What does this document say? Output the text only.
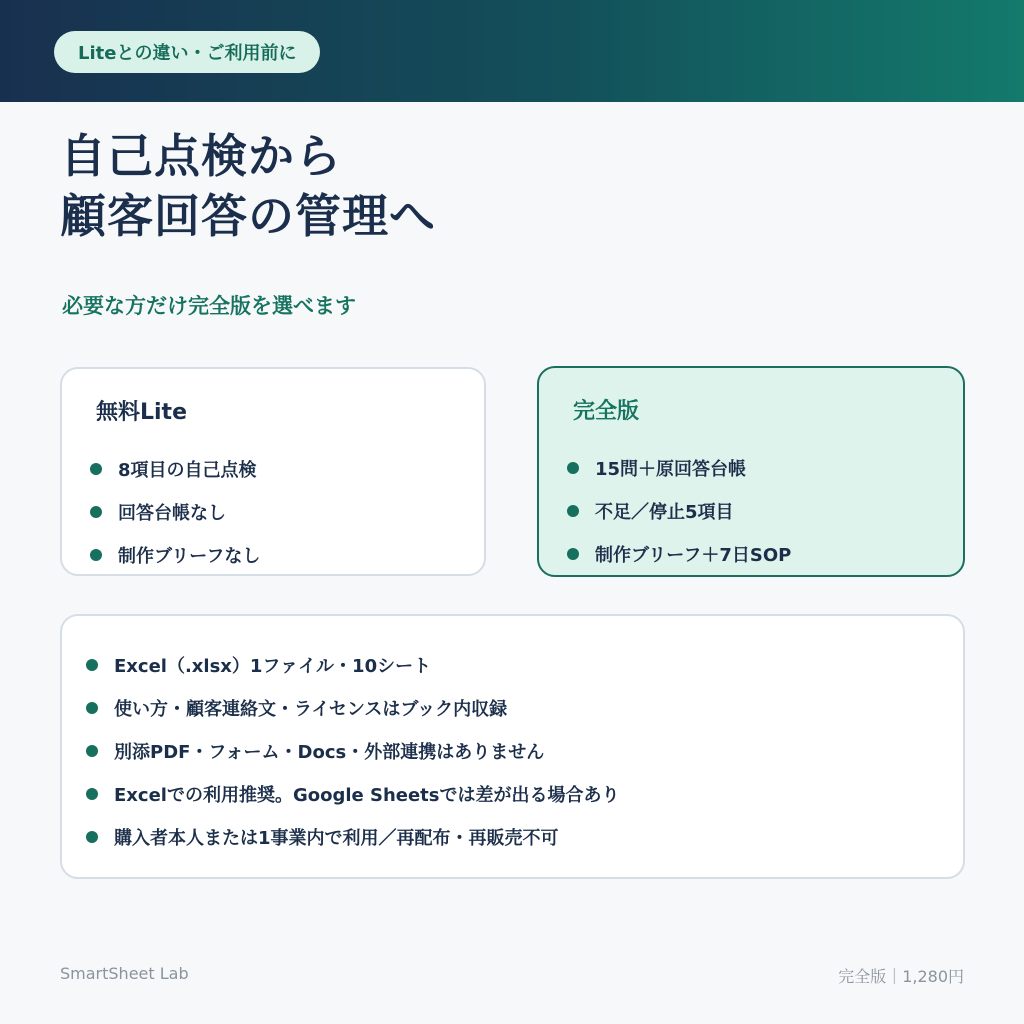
Liteとの違い・ご利用前に
自己点検から
顧客回答の管理へ
必要な方だけ完全版を選べます
無料Lite
8項目の自己点検
回答台帳なし
制作ブリーフなし
完全版
15問＋原回答台帳
不足／停止5項目
制作ブリーフ＋7日SOP
Excel（.xlsx）1ファイル・10シート
使い方・顧客連絡文・ライセンスはブック内収録
別添PDF・フォーム・Docs・外部連携はありません
Excelでの利用推奨。Google Sheetsでは差が出る場合あり
購入者本人または1事業内で利用／再配布・再販売不可
SmartSheet Lab	完全版｜1,280円
